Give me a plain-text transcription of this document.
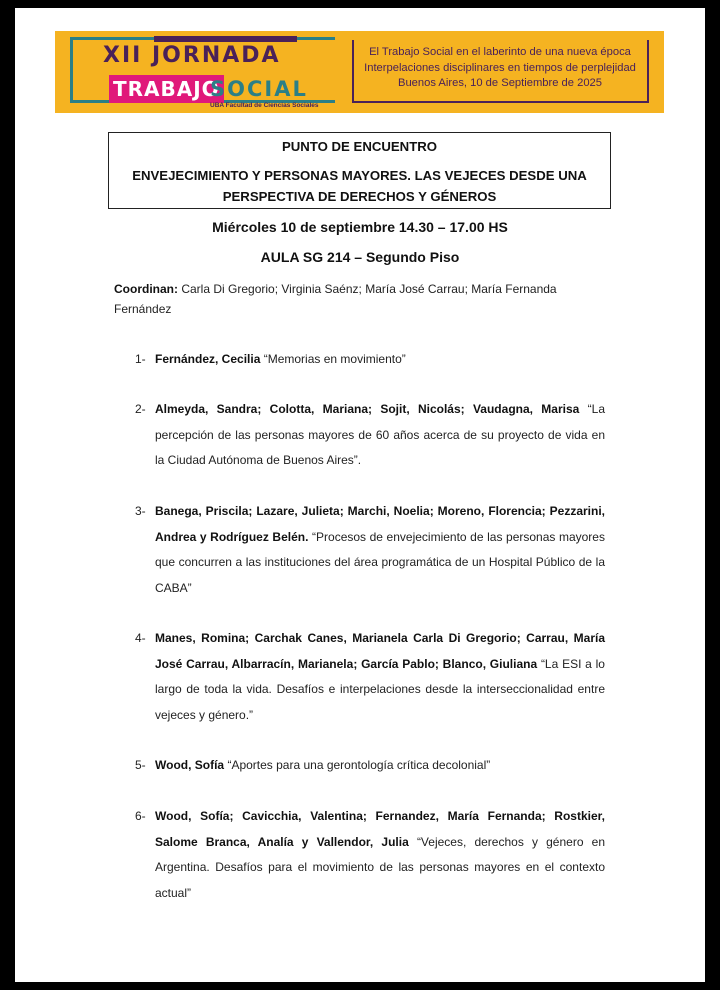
XII JORNADA
TRABAJO
SOCIAL
UBA Facultad de Ciencias Sociales
El Trabajo Social en el laberinto de una nueva época
Interpelaciones disciplinares en tiempos de perplejidad
Buenos Aires, 10 de Septiembre de 2025
PUNTO DE ENCUENTRO
ENVEJECIMIENTO Y PERSONAS MAYORES. LAS VEJECES DESDE UNA
PERSPECTIVA DE DERECHOS Y GÉNEROS
Miércoles 10 de septiembre 14.30 – 17.00 HS
AULA SG 214 – Segundo Piso
Coordinan: Carla Di Gregorio; Virginia Saénz; María José Carrau; María Fernanda Fernández
1- Fernández, Cecilia “Memorias en movimiento”
2- Almeyda, Sandra; Colotta, Mariana; Sojit, Nicolás; Vaudagna, Marisa “La percepción de las personas mayores de 60 años acerca de su proyecto de vida en la Ciudad Autónoma de Buenos Aires”.
3- Banega, Priscila; Lazare, Julieta; Marchi, Noelia; Moreno, Florencia; Pezzarini, Andrea y Rodríguez Belén. “Procesos de envejecimiento de las personas mayores que concurren a las instituciones del área programática de un Hospital Público de la CABA”
4- Manes, Romina; Carchak Canes, Marianela Carla Di Gregorio; Carrau, María José Carrau, Albarracín, Marianela; García Pablo; Blanco, Giuliana “La ESI a lo largo de toda la vida. Desafíos e interpelaciones desde la interseccionalidad entre vejeces y género.”
5- Wood, Sofía “Aportes para una gerontología crítica decolonial”
6- Wood, Sofía; Cavicchia, Valentina; Fernandez, María Fernanda; Rostkier, Salome Branca, Analía y Vallendor, Julia “Vejeces, derechos y género en Argentina. Desafíos para el movimiento de las personas mayores en el contexto actual”
